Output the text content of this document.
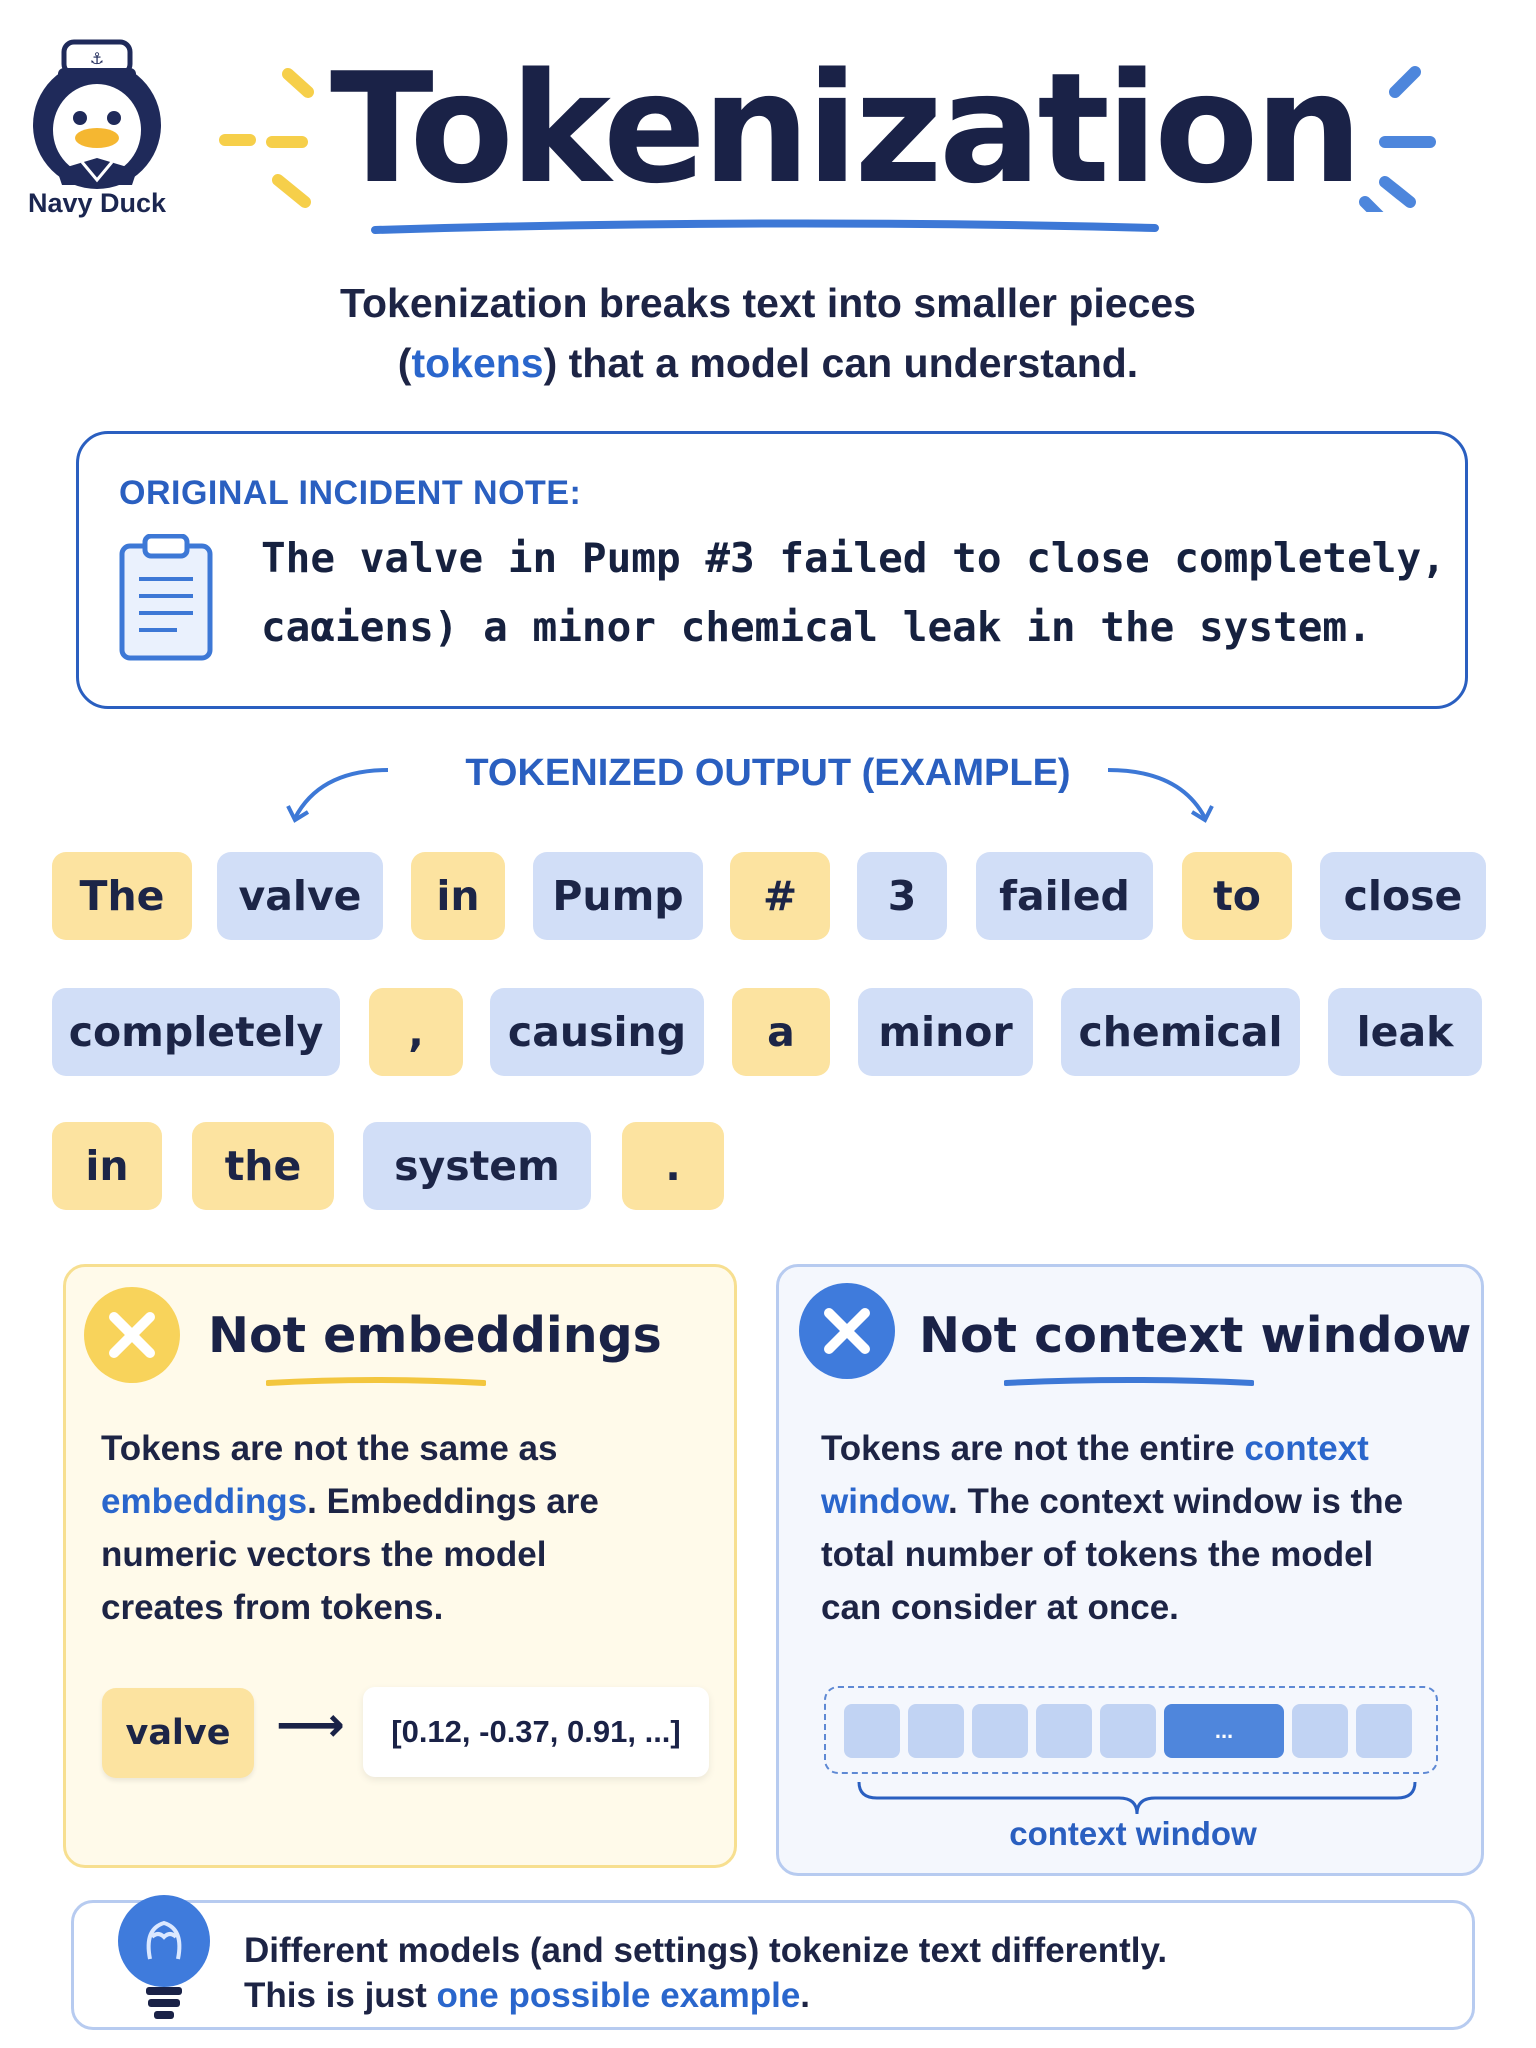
⚓
Navy Duck Tokenization
Tokenization breaks text into smaller pieces
(tokens) that a model can understand.
ORIGINAL INCIDENT NOTE:
The valve in Pump #3 failed to close completely,
caαiens) a minor chemical leak in the system.
TOKENIZED OUTPUT (EXAMPLE)
The	valve	in	Pump	#	3	failed	to	close
completely	,	causing	a	minor	chemical	leak
in	the	system	.
Not embeddings
Tokens are not the same as
embeddings. Embeddings are
numeric vectors the model
creates from tokens.
valve ⟶	[0.12, -0.37, 0.91, ...]
Not context window
Tokens are not the entire context
window. The context window is the
total number of tokens the model
can consider at once.
...
context window
Different models (and settings) tokenize text differently.
This is just one possible example.
